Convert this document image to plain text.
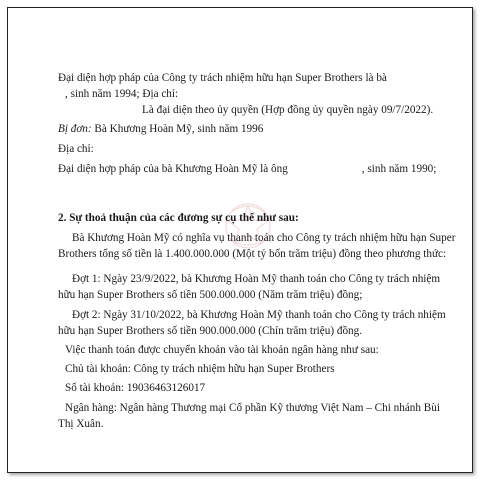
Đại diện hợp pháp của Công ty trách nhiệm hữu hạn Super Brothers là bà
, sinh năm 1994; Địa chỉ:
Là đại diện theo ủy quyền (Hợp đồng ủy quyền ngày 09/7/2022).
Bị đơn: Bà Khương Hoàn Mỹ, sinh năm 1996
Địa chỉ:
Đại diện hợp pháp của bà Khương Hoàn Mỹ là ông	, sinh năm 1990;
2. Sự thoả thuận của các đương sự cụ thể như sau:
Bà Khương Hoàn Mỹ có nghĩa vụ thanh toán cho Công ty trách nhiệm hữu hạn Super
Brothers tổng số tiền là 1.400.000.000 (Một tỷ bốn trăm triệu) đồng theo phương thức:
Đợt 1: Ngày 23/9/2022, bà Khương Hoàn Mỹ thanh toán cho Công ty trách nhiệm
hữu hạn Super Brothers số tiền 500.000.000 (Năm trăm triệu) đồng;
Đợt 2: Ngày 31/10/2022, bà Khương Hoàn Mỹ thanh toán cho Công ty trách nhiệm
hữu hạn Super Brothers số tiền 900.000.000 (Chín trăm triệu) đồng.
Việc thanh toán được chuyển khoản vào tài khoản ngân hàng như sau:
Chủ tài khoản: Công ty trách nhiệm hữu hạn Super Brothers
Số tài khoản: 19036463126017
Ngân hàng: Ngân hàng Thương mại Cổ phần Kỹ thương Việt Nam – Chi nhánh Bùi
Thị Xuân.
